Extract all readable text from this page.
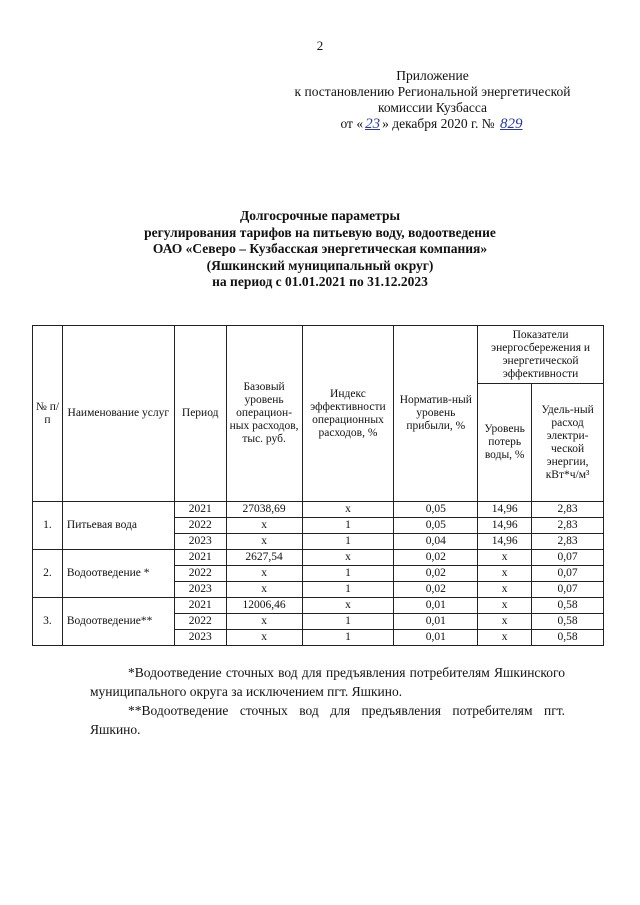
2
Приложение
к постановлению Региональной энергетической
комиссии Кузбасса
от « 23 » декабря 2020 г. № 829
Долгосрочные параметры
регулирования тарифов на питьевую воду, водоотведение
ОАО «Северо – Кузбасская энергетическая компания»
(Яшкинский муниципальный округ)
на период с 01.01.2021 по 31.12.2023
№ п/п	Наименование услуг	Период	Базовый уровень операцион-ных расходов, тыс. руб.	Индекс эффективности операционных расходов, %	Норматив-ный уровень прибыли, %	Показатели энергосбережения и энергетической эффективности	
						Уровень потерь воды, %	Удель-ный расход электри-ческой энергии, кВт*ч/м³
1.	Питьевая вода	2021	27038,69	х	0,05	14,96	2,83
		2022	х	1	0,05	14,96	2,83
		2023	х	1	0,04	14,96	2,83
2.	Водоотведение *	2021	2627,54	х	0,02	х	0,07
		2022	х	1	0,02	х	0,07
		2023	х	1	0,02	х	0,07
3.	Водоотведение**	2021	12006,46	х	0,01	х	0,58
		2022	х	1	0,01	х	0,58
		2023	х	1	0,01	х	0,58

*Водоотведение сточных вод для предъявления потребителям Яшкинского муниципального округа за исключением пгт. Яшкино.

**Водоотведение сточных вод для предъявления потребителям пгт. Яшкино.
